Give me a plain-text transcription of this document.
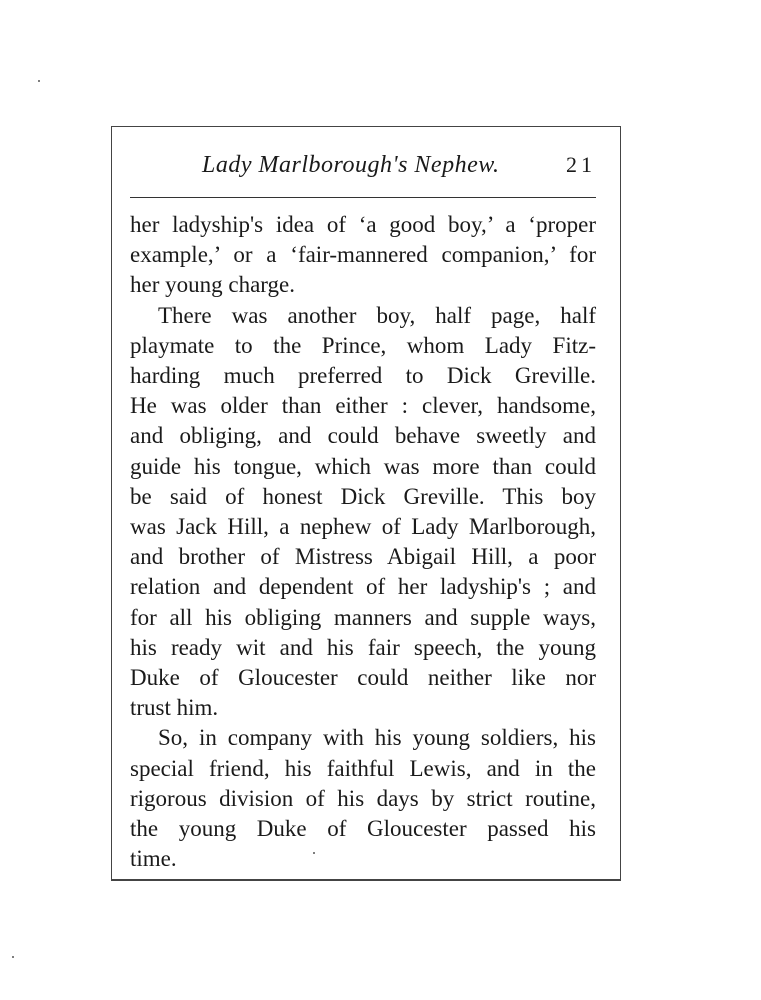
Lady Marlborough's Nephew.	21

her ladyship's idea of ‘a good boy,’ a ‘proper
example,’ or a ‘fair-mannered companion,’ for
her young charge.

There was another boy, half page, half
playmate to the Prince, whom Lady Fitz-
harding much preferred to Dick Greville.
He was older than either : clever, handsome,
and obliging, and could behave sweetly and
guide his tongue, which was more than could
be said of honest Dick Greville. This boy
was Jack Hill, a nephew of Lady Marlborough,
and brother of Mistress Abigail Hill, a poor
relation and dependent of her ladyship's ; and
for all his obliging manners and supple ways,
his ready wit and his fair speech, the young
Duke of Gloucester could neither like nor
trust him.

So, in company with his young soldiers, his
special friend, his faithful Lewis, and in the
rigorous division of his days by strict routine,
the young Duke of Gloucester passed his
time.
